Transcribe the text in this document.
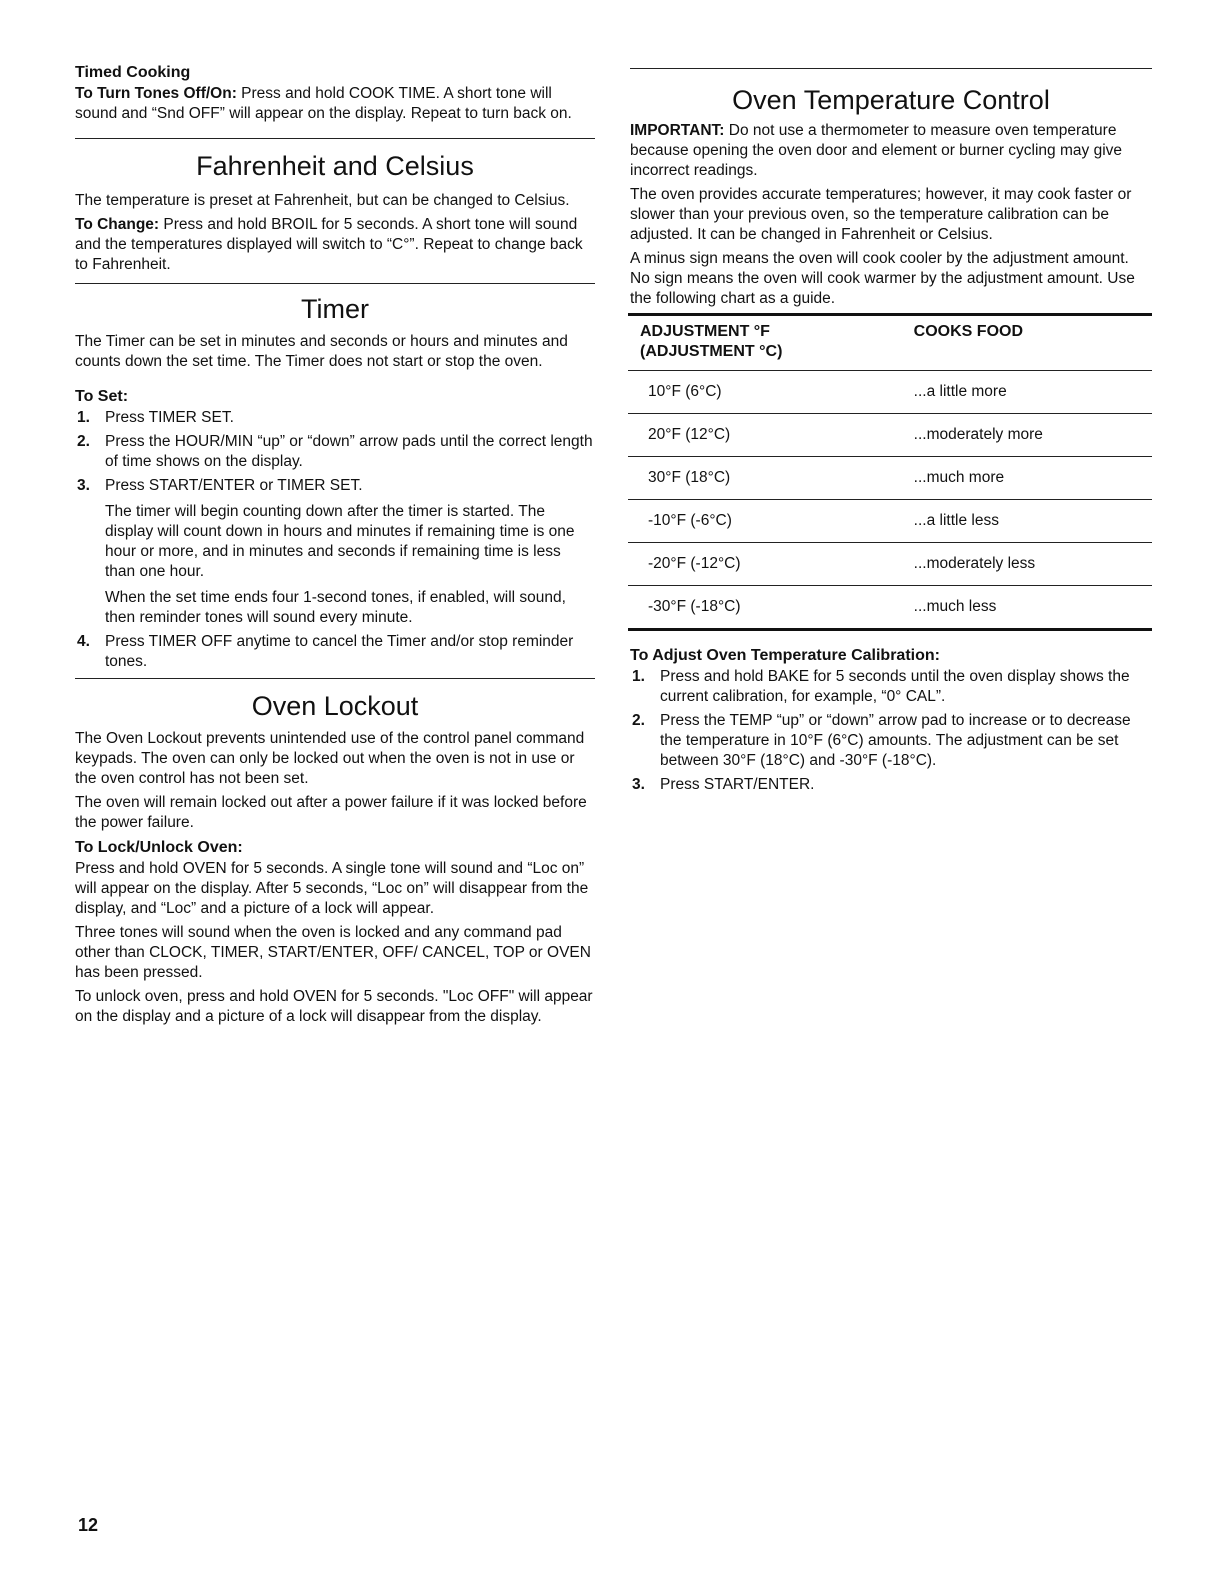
Timed Cooking

To Turn Tones Off/On: Press and hold COOK TIME. A short tone will sound and “Snd OFF” will appear on the display. Repeat to turn back on.

Fahrenheit and Celsius

The temperature is preset at Fahrenheit, but can be changed to Celsius.

To Change: Press and hold BROIL for 5 seconds. A short tone will sound and the temperatures displayed will switch to “C°”. Repeat to change back to Fahrenheit.

Timer

The Timer can be set in minutes and seconds or hours and minutes and counts down the set time. The Timer does not start or stop the oven.

To Set:
1. Press TIMER SET.
2. Press the HOUR/MIN “up” or “down” arrow pads until the correct length of time shows on the display.
3. Press START/ENTER or TIMER SET.

The timer will begin counting down after the timer is started. The display will count down in hours and minutes if remaining time is one hour or more, and in minutes and seconds if remaining time is less than one hour.

When the set time ends four 1-second tones, if enabled, will sound, then reminder tones will sound every minute.

4. Press TIMER OFF anytime to cancel the Timer and/or stop reminder tones.
Oven Lockout

The Oven Lockout prevents unintended use of the control panel command keypads. The oven can only be locked out when the oven is not in use or the oven control has not been set.

The oven will remain locked out after a power failure if it was locked before the power failure.

To Lock/Unlock Oven:

Press and hold OVEN for 5 seconds. A single tone will sound and “Loc on” will appear on the display. After 5 seconds, “Loc on” will disappear from the display, and “Loc” and a picture of a lock will appear.

Three tones will sound when the oven is locked and any command pad other than CLOCK, TIMER, START/ENTER, OFF/ CANCEL, TOP or OVEN has been pressed.

To unlock oven, press and hold OVEN for 5 seconds. "Loc OFF" will appear on the display and a picture of a lock will disappear from the display.

Oven Temperature Control

IMPORTANT: Do not use a thermometer to measure oven temperature because opening the oven door and element or burner cycling may give incorrect readings.

The oven provides accurate temperatures; however, it may cook faster or slower than your previous oven, so the temperature calibration can be adjusted. It can be changed in Fahrenheit or Celsius.

A minus sign means the oven will cook cooler by the adjustment amount. No sign means the oven will cook warmer by the adjustment amount. Use the following chart as a guide.

ADJUSTMENT °F
(ADJUSTMENT °C)	COOKS FOOD
10°F (6°C)	...a little more
20°F (12°C)	...moderately more
30°F (18°C)	...much more
-10°F (-6°C)	...a little less
-20°F (-12°C)	...moderately less
-30°F (-18°C)	...much less

To Adjust Oven Temperature Calibration:
1. Press and hold BAKE for 5 seconds until the oven display shows the current calibration, for example, “0° CAL”.
2. Press the TEMP “up” or “down” arrow pad to increase or to decrease the temperature in 10°F (6°C) amounts. The adjustment can be set between 30°F (18°C) and -30°F (-18°C).
3. Press START/ENTER.
12
